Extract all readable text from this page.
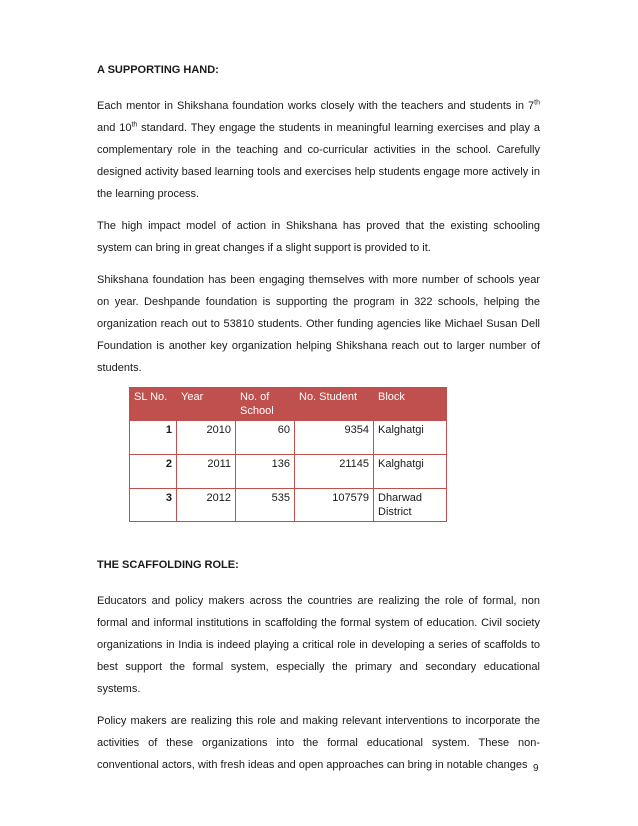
A SUPPORTING HAND:

Each mentor in Shikshana foundation works closely with the teachers and students in 7th and 10th standard. They engage the students in meaningful learning exercises and play a complementary role in the teaching and co-curricular activities in the school. Carefully designed activity based learning tools and exercises help students engage more actively in the learning process.

The high impact model of action in Shikshana has proved that the existing schooling system can bring in great changes if a slight support is provided to it.

Shikshana foundation has been engaging themselves with more number of schools year on year. Deshpande foundation is supporting the program in 322 schools, helping the organization reach out to 53810 students. Other funding agencies like Michael Susan Dell Foundation is another key organization helping Shikshana reach out to larger number of students.

SL No.	Year	No. of School	No. Student	Block
1	2010	60	9354	Kalghatgi
2	2011	136	21145	Kalghatgi
3	2012	535	107579	Dharwad District
THE SCAFFOLDING ROLE:

Educators and policy makers across the countries are realizing the role of formal, non formal and informal institutions in scaffolding the formal system of education. Civil society organizations in India is indeed playing a critical role in developing a series of scaffolds to best support the formal system, especially the primary and secondary educational systems.

Policy makers are realizing this role and making relevant interventions to incorporate the activities of these organizations into the formal educational system. These non-conventional actors, with fresh ideas and open approaches can bring in notable changes 9
